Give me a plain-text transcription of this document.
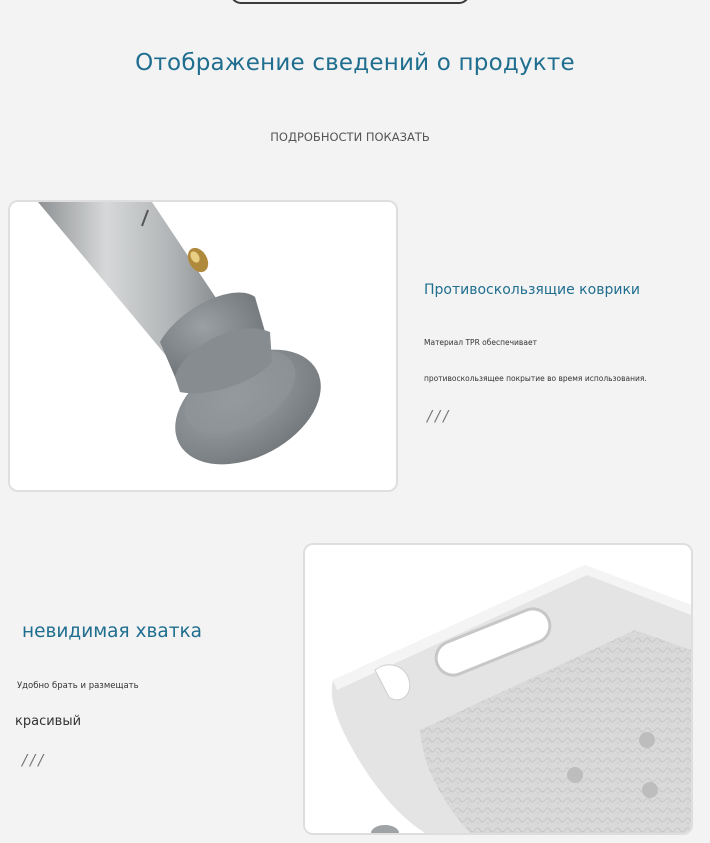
Отображение сведений о продукте
ПОДРОБНОСТИ ПОКАЗАТЬ
Противоскользящие коврики
Материал TPR обеспечивает
противоскользящее покрытие во время использования.
///
невидимая хватка
Удобно брать и размещать
красивый
///
